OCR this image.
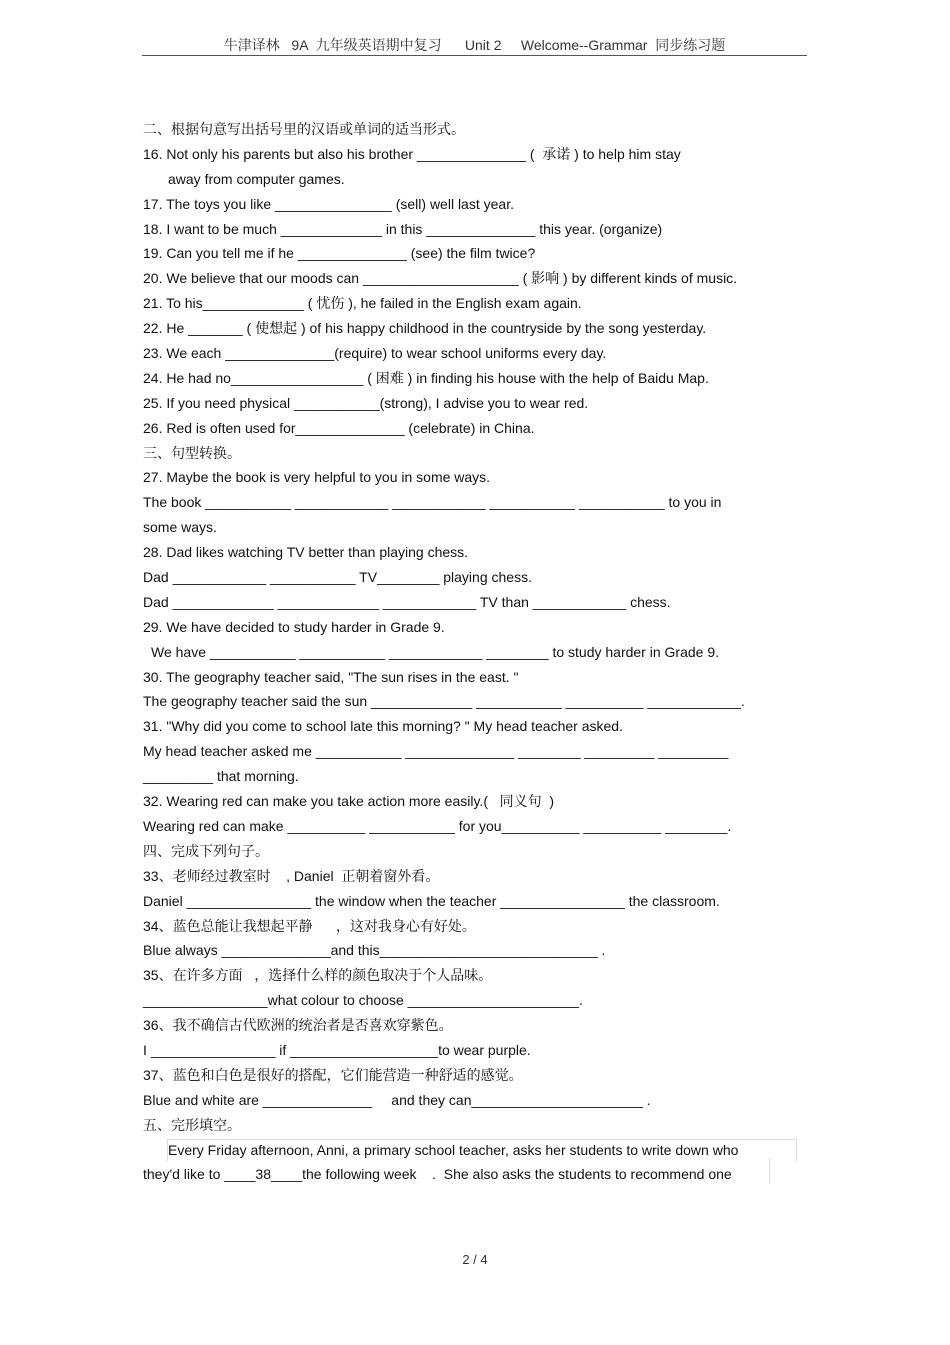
牛津译林   9A  九年级英语期中复习      Unit 2     Welcome--Grammar  同步练习题
二、根据句意写出括号里的汉语或单词的适当形式。
16. Not only his parents but also his brother ______________ (  承诺 ) to help him stay
away from computer games.
17. The toys you like _______________ (sell) well last year.
18. I want to be much _____________ in this ______________ this year. (organize)
19. Can you tell me if he ______________ (see) the film twice?
20. We believe that our moods can ____________________ ( 影响 ) by different kinds of music.
21. To his_____________ ( 忧伤 ), he failed in the English exam again.
22. He _______ ( 使想起 ) of his happy childhood in the countryside by the song yesterday.
23. We each ______________(require) to wear school uniforms every day.
24. He had no_________________ ( 困难 ) in finding his house with the help of Baidu Map.
25. If you need physical ___________(strong), I advise you to wear red.
26. Red is often used for______________ (celebrate) in China.
三、句型转换。
27. Maybe the book is very helpful to you in some ways.
The book ___________ ____________ ____________ ___________ ___________ to you in
some ways.
28. Dad likes watching TV better than playing chess.
Dad ____________ ___________ TV________ playing chess.
Dad _____________ _____________ ____________ TV than ____________ chess.
29. We have decided to study harder in Grade 9.
We have ___________ ___________ ____________ ________ to study harder in Grade 9.
30. The geography teacher said, "The sun rises in the east. "
The geography teacher said the sun _____________ ___________ __________ ____________.
31. "Why did you come to school late this morning? " My head teacher asked.
My head teacher asked me ___________ ______________ ________ _________ _________
_________ that morning.
32. Wearing red can make you take action more easily.(   同义句  )
Wearing red can make __________ ___________ for you__________ __________ ________.
四、完成下列句子。
33、老师经过教室时    , Daniel  正朝着窗外看。
Daniel ________________ the window when the teacher ________________ the classroom.
34、蓝色总能让我想起平静      ，这对我身心有好处。
Blue always ______________and this____________________________ .
35、在许多方面   ，选择什么样的颜色取决于个人品味。
________________what colour to choose ______________________.
36、我不确信古代欧洲的统治者是否喜欢穿紫色。
I ________________ if ___________________to wear purple.
37、蓝色和白色是很好的搭配，它们能营造一种舒适的感觉。
Blue and white are ______________     and they can______________________ .
五、完形填空。
Every Friday afternoon, Anni, a primary school teacher, asks her students to write down who
they'd like to ____38____the following week    .  She also asks the students to recommend one
2 / 4
